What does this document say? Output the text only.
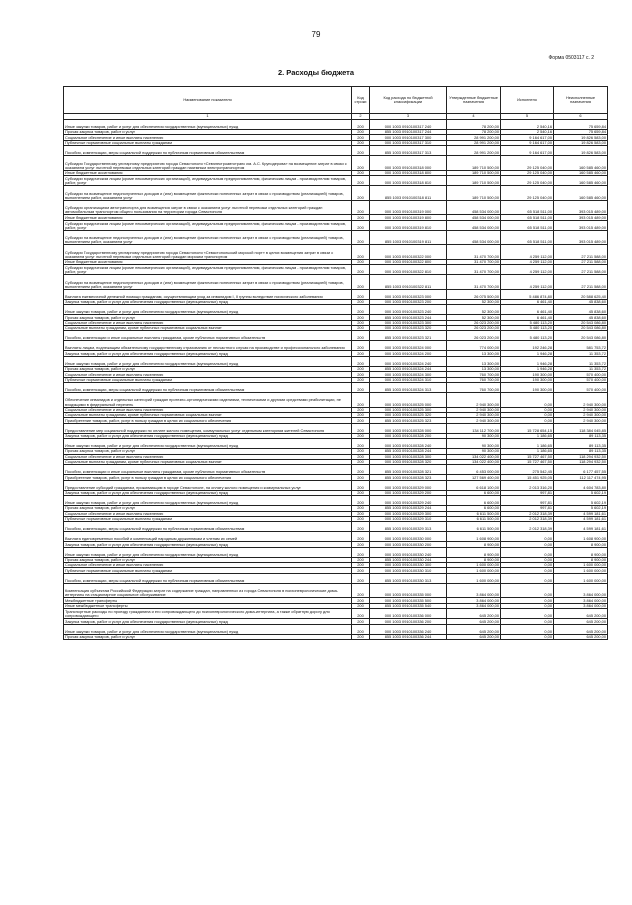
79
Форма 0503117 с. 2
2. Расходы бюджета
Наименование показателя	Код строки	Код расхода по бюджетной классификации	Утвержденные бюджетные назначения	Исполнено	Неисполненные назначения
1	2	3	4	5	6
Иные закупки товаров, работ и услуг для обеспечения государственных (муниципальных) нужд	200	000 1003 0910100317 240	78 200,00	2 540,16	75 659,84
Прочая закупка товаров, работ и услуг	200	855 1003 0910100317 244	78 200,00	2 540,16	75 659,84
Социальное обеспечение и иные выплаты населению	200	000 1003 0910100317 300	28 991 200,00	9 164 617,00	19 826 583,00
Публичные нормативные социальные выплаты гражданам	200	000 1003 0910100317 310	28 991 200,00	9 164 617,00	19 826 583,00
Пособия, компенсации, меры социальной поддержки по публичным нормативным обязательствам	200	855 1003 0910100317 313	28 991 200,00	9 164 617,00	19 826 583,00
Субсидия Государственному унитарному предприятию города Севастополя «Севэлектроавтотранс им. А.С. Круподерова» на возмещение затрат в связи с оказанием услуг льготной перевозки отдельных категорий граждан наземным электротранспортом	200	000 1003 0910100318 000	189 710 500,00	29 125 040,00	160 585 460,00
Иные бюджетные ассигнования	200	000 1003 0910100318 800	189 710 500,00	29 125 040,00	160 585 460,00
Субсидии юридическим лицам (кроме некоммерческих организаций), индивидуальным предпринимателям, физическим лицам - производителям товаров, работ, услуг	200	000 1003 0910100318 810	189 710 500,00	29 125 040,00	160 585 460,00
Субсидии на возмещение недополученных доходов и (или) возмещение фактически понесенных затрат в связи с производством (реализацией) товаров, выполнением работ, оказанием услуг	200	855 1003 0910100318 811	189 710 500,00	29 125 040,00	160 585 460,00
Субсидия организациям автотранспорта для возмещения затрат в связи с оказанием услуг льготной перевозки отдельных категорий граждан автомобильным транспортом общего пользования на территории города Севастополя	200	000 1003 0910100319 000	458 534 000,00	65 518 511,00	393 015 489,00
Иные бюджетные ассигнования	200	000 1003 0910100319 800	458 534 000,00	65 518 511,00	393 015 489,00
Субсидии юридическим лицам (кроме некоммерческих организаций), индивидуальным предпринимателям, физическим лицам - производителям товаров, работ, услуг	200	000 1003 0910100319 810	458 534 000,00	65 518 511,00	393 015 489,00
Субсидии на возмещение недополученных доходов и (или) возмещение фактически понесенных затрат в связи с производством (реализацией) товаров, выполнением работ, оказанием услуг	200	855 1003 0910100319 811	458 534 000,00	65 518 511,00	393 015 489,00
Субсидия Государственному унитарному предприятию города Севастополя «Севастопольский морской порт» в целях возмещения затрат в связи с оказанием услуг льготной перевозки отдельных категорий граждан морским транспортом	200	000 1003 0910100322 000	31 470 700,00	4 259 112,00	27 211 588,00
Иные бюджетные ассигнования	200	000 1003 0910100322 800	31 470 700,00	4 259 112,00	27 211 588,00
Субсидии юридическим лицам (кроме некоммерческих организаций), индивидуальным предпринимателям, физическим лицам - производителям товаров, работ, услуг	200	000 1003 0910100322 810	31 470 700,00	4 259 112,00	27 211 588,00
Субсидии на возмещение недополученных доходов и (или) возмещение фактически понесенных затрат в связи с производством (реализацией) товаров, выполнением работ, оказанием услуг	200	855 1003 0910100322 811	31 470 700,00	4 259 112,00	27 211 588,00
Выплата ежемесячной денежной помощи гражданам, осуществляющим уход за инвалидом I, II группы вследствие психического заболевания	200	000 1003 0910100323 000	26 075 500,00	5 486 874,80	20 588 625,40
Закупка товаров, работ и услуг для обеспечения государственных (муниципальных) нужд	200	000 1003 0910100323 200	52 300,00	6 461,40	45 838,60
Иные закупки товаров, работ и услуг для обеспечения государственных (муниципальных) нужд	200	000 1003 0910100323 240	52 300,00	6 461,40	45 838,60
Прочая закупка товаров, работ и услуг	200	855 1003 0910100323 244	52 300,00	6 461,40	45 838,60
Социальное обеспечение и иные выплаты населению	200	000 1003 0910100323 300	26 023 200,00	5 480 113,20	20 543 086,80
Социальные выплаты гражданам, кроме публичных нормативных социальных выплат	200	000 1003 0910100323 320	26 023 200,00	5 480 113,20	20 543 086,80
Пособия, компенсации и иные социальные выплаты гражданам, кроме публичных нормативных обязательств	200	855 1003 0910100323 321	26 023 200,00	5 480 113,20	20 543 086,80
Выплаты лицам, подлежащим обязательному государственному страхованию от несчастного случая на производстве и профессионального заболевания	200	000 1003 0910100324 000	774 000,00	192 246,28	581 753,72
Закупка товаров, работ и услуг для обеспечения государственных (муниципальных) нужд	200	000 1003 0910100324 200	13 300,00	1 946,28	11 353,72
Иные закупки товаров, работ и услуг для обеспечения государственных (муниципальных) нужд	200	000 1003 0910100324 240	13 300,00	1 946,28	11 353,72
Прочая закупка товаров, работ и услуг	200	855 1003 0910100324 244	13 300,00	1 946,28	11 353,72
Социальное обеспечение и иные выплаты населению	200	000 1003 0910100324 300	760 700,00	190 300,00	570 400,00
Публичные нормативные социальные выплаты гражданам	200	000 1003 0910100324 310	760 700,00	190 300,00	570 400,00
Пособия, компенсации, меры социальной поддержки по публичным нормативным обязательствам	200	855 1003 0910100324 313	760 700,00	190 300,00	570 400,00
Обеспечение инвалидов и отдельных категорий граждан протезно-ортопедическими изделиями, техническими и другими средствами реабилитации, не входящими в федеральный перечень	200	000 1003 0910100325 000	2 940 300,00	0,00	2 940 300,00
Социальное обеспечение и иные выплаты населению	200	000 1003 0910100325 300	2 940 300,00	0,00	2 940 300,00
Социальные выплаты гражданам, кроме публичных нормативных социальных выплат	200	000 1003 0910100325 320	2 940 300,00	0,00	2 940 300,00
Приобретение товаров, работ, услуг в пользу граждан в целях их социального обеспечения	200	855 1003 0910100325 323	2 940 300,00	0,00	2 940 300,00
Предоставление мер социальной поддержки по оплате жилого помещения, коммунальных услуг отдельным категориям жителей Севастополя	200	000 1003 0910100328 000	134 112 700,00	15 728 654,15	118 384 045,85
Закупка товаров, работ и услуг для обеспечения государственных (муниципальных) нужд	200	000 1003 0910100328 200	90 300,00	1 186,65	89 113,35
Иные закупки товаров, работ и услуг для обеспечения государственных (муниципальных) нужд	200	000 1003 0910100328 240	90 300,00	1 186,65	89 113,35
Прочая закупка товаров, работ и услуг	200	855 1003 0910100328 244	90 300,00	1 186,65	89 113,35
Социальное обеспечение и иные выплаты населению	200	000 1003 0910100328 300	134 022 400,00	15 727 467,50	118 294 932,50
Социальные выплаты гражданам, кроме публичных нормативных социальных выплат	200	000 1003 0910100328 320	134 022 400,00	15 727 467,50	118 294 932,50
Пособия, компенсации и иные социальные выплаты гражданам, кроме публичных нормативных обязательств	200	855 1003 0910100328 321	6 453 000,00	275 542,45	6 177 457,55
Приобретение товаров, работ, услуг в пользу граждан в целях их социального обеспечения	200	855 1003 0910100328 323	127 569 400,00	15 451 925,05	112 117 474,95
Предоставление субсидий гражданам, проживающим в городе Севастополе, на оплату жилого помещения и коммунальных услуг	200	000 1003 0910100329 000	6 618 100,00	2 013 316,20	4 604 783,80
Закупка товаров, работ и услуг для обеспечения государственных (муниципальных) нужд	200	000 1003 0910100329 200	6 600,00	997,81	5 602,19
Иные закупки товаров, работ и услуг для обеспечения государственных (муниципальных) нужд	200	000 1003 0910100329 240	6 600,00	997,81	5 602,19
Прочая закупка товаров, работ и услуг	200	855 1003 0910100329 244	6 600,00	997,81	5 602,19
Социальное обеспечение и иные выплаты населению	200	000 1003 0910100329 300	6 611 500,00	2 012 318,39	4 599 181,61
Публичные нормативные социальные выплаты гражданам	200	000 1003 0910100329 310	6 611 500,00	2 012 318,39	4 599 181,61
Пособия, компенсации, меры социальной поддержки по публичным нормативным обязательствам	200	855 1003 0910100329 313	6 611 500,00	2 012 318,39	4 599 181,61
Выплата единовременных пособий и компенсаций народным дружинникам и членам их семей	200	000 1003 0910100330 000	1 608 900,00	0,00	1 608 900,00
Закупка товаров, работ и услуг для обеспечения государственных (муниципальных) нужд	200	000 1003 0910100330 200	8 900,00	0,00	8 900,00
Иные закупки товаров, работ и услуг для обеспечения государственных (муниципальных) нужд	200	000 1003 0910100330 240	8 900,00	0,00	8 900,00
Прочая закупка товаров, работ и услуг	200	855 1003 0910100330 244	8 900,00	0,00	8 900,00
Социальное обеспечение и иные выплаты населению	200	000 1003 0910100330 300	1 600 000,00	0,00	1 600 000,00
Публичные нормативные социальные выплаты гражданам	200	000 1003 0910100330 310	1 600 000,00	0,00	1 600 000,00
Пособия, компенсации, меры социальной поддержки по публичным нормативным обязательствам	200	855 1003 0910100330 313	1 600 000,00	0,00	1 600 000,00
Компенсация субъектам Российской Федерации затрат на содержание граждан, направленных из города Севастополя в психоневрологические дома-интернаты на стационарное социальное обслуживание	200	000 1003 0910100335 000	3 864 000,00	0,00	3 864 000,00
Межбюджетные трансферты	200	000 1003 0910100335 500	3 864 000,00	0,00	3 864 000,00
Иные межбюджетные трансферты	200	855 1003 0910100335 540	3 864 000,00	0,00	3 864 000,00
Транспортные расходы по проезду гражданина и его сопровождающего до психоневрологического дома-интерната, а также обратную дорогу для сопровождающего	200	000 1003 0910100336 000	645 200,00	0,00	645 200,00
Закупка товаров, работ и услуг для обеспечения государственных (муниципальных) нужд	200	000 1003 0910100336 200	645 200,00	0,00	645 200,00
Иные закупки товаров, работ и услуг для обеспечения государственных (муниципальных) нужд	200	000 1003 0910100336 240	645 200,00	0,00	645 200,00
Прочая закупка товаров, работ и услуг	200	855 1003 0910100336 244	645 200,00	0,00	645 200,00
